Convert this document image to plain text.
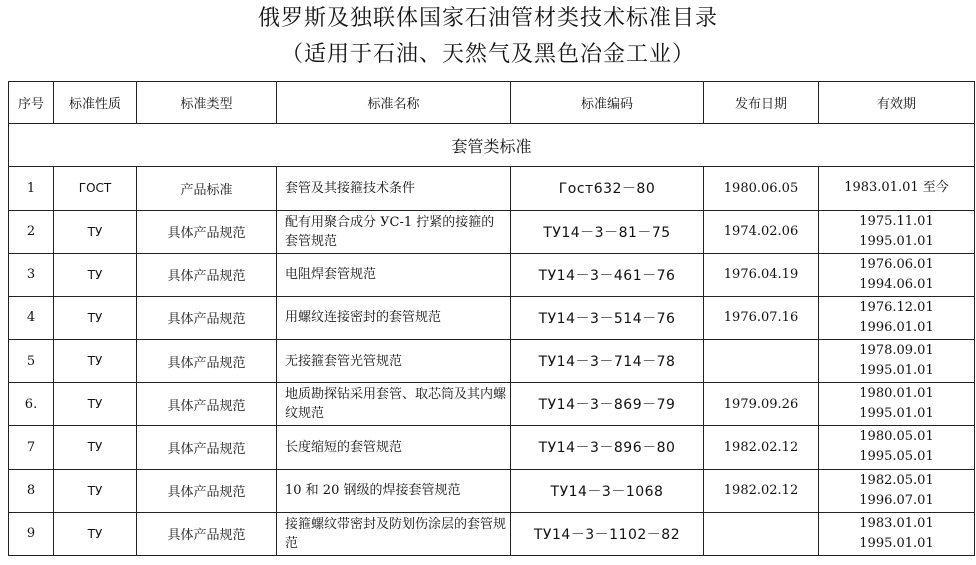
俄罗斯及独联体国家石油管材类技术标准目录
（适用于石油、天然气及黑色冶金工业）
序号	标准性质	标准类型	标准名称	标准编码	发布日期	有效期
套管类标准						
1	ГОСТ	产品标准	套管及其接箍技术条件	Гост632－80	1980.06.05	1983.01.01 至今

2	ТУ	具体产品规范	配有用聚合成分 УС-1 拧紧的接箍的套管规范	ТУ14－3－81－75	1974.02.06	1975.11.01
1995.01.01

3	ТУ	具体产品规范	电阻焊套管规范	ТУ14－3－461－76	1976.04.19	1976.06.01
1994.06.01

4	ТУ	具体产品规范	用螺纹连接密封的套管规范	ТУ14－3－514－76	1976.07.16	1976.12.01
1996.01.01

5	ТУ	具体产品规范	无接箍套管光管规范	ТУ14－3－714－78		1978.09.01
1995.01.01

6.	ТУ	具体产品规范	地质勘探钻采用套管、取芯筒及其内螺纹规范	ТУ14－3－869－79	1979.09.26	1980.01.01
1995.01.01

7	ТУ	具体产品规范	长度缩短的套管规范	ТУ14－3－896－80	1982.02.12	1980.05.01
1995.05.01

8	ТУ	具体产品规范	10 和 20 钢级的焊接套管规范	ТУ14－3－1068	1982.02.12	1982.05.01
1996.07.01

9	ТУ	具体产品规范	接箍螺纹带密封及防划伤涂层的套管规范	ТУ14－3－1102－82		1983.01.01
1995.01.01
